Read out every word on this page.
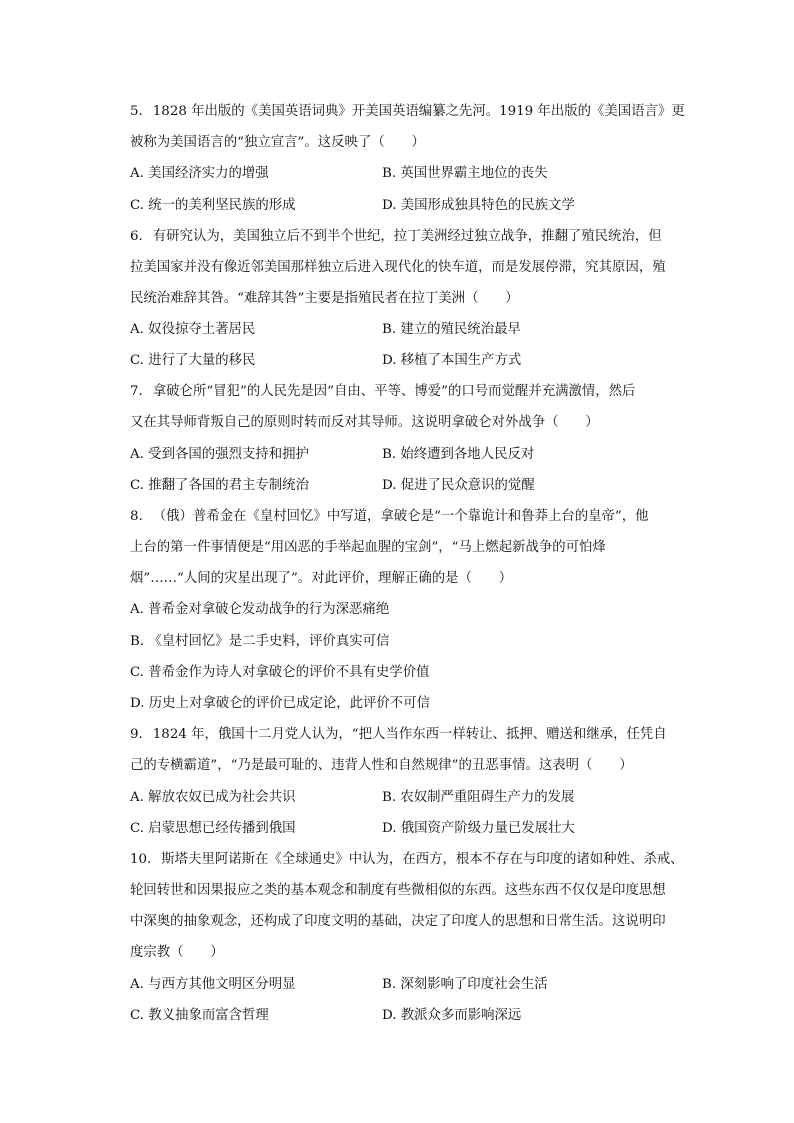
5. 1828 年出版的《美国英语词典》开美国英语编纂之先河。1919 年出版的《美国语言》更
被称为美国语言的“独立宣言”。这反映了（　　）
A. 美国经济实力的增强	B. 英国世界霸主地位的丧失
C. 统一的美利坚民族的形成	D. 美国形成独具特色的民族文学
6. 有研究认为，美国独立后不到半个世纪，拉丁美洲经过独立战争，推翻了殖民统治，但
拉美国家并没有像近邻美国那样独立后进入现代化的快车道，而是发展停滞，究其原因，殖
民统治难辞其咎。“难辞其咎”主要是指殖民者在拉丁美洲（　　）
A. 奴役掠夺土著居民	B. 建立的殖民统治最早
C. 进行了大量的移民	D. 移植了本国生产方式
7. 拿破仑所“冒犯”的人民先是因“自由、平等、博爱”的口号而觉醒并充满激情，然后
又在其导师背叛自己的原则时转而反对其导师。这说明拿破仑对外战争（　　）
A. 受到各国的强烈支持和拥护	B. 始终遭到各地人民反对
C. 推翻了各国的君主专制统治	D. 促进了民众意识的觉醒
8. （俄）普希金在《皇村回忆》中写道，拿破仑是“一个靠诡计和鲁莽上台的皇帝”，他
上台的第一件事情便是“用凶恶的手举起血腥的宝剑”，“马上燃起新战争的可怕烽
烟”……“人间的灾星出现了”。对此评价，理解正确的是（　　）
A. 普希金对拿破仑发动战争的行为深恶痛绝
B. 《皇村回忆》是二手史料，评价真实可信
C. 普希金作为诗人对拿破仑的评价不具有史学价值
D. 历史上对拿破仑的评价已成定论，此评价不可信
9. 1824 年，俄国十二月党人认为，“把人当作东西一样转让、抵押、赠送和继承，任凭自
己的专横霸道”，“乃是最可耻的、违背人性和自然规律”的丑恶事情。这表明（　　）
A. 解放农奴已成为社会共识	B. 农奴制严重阻碍生产力的发展
C. 启蒙思想已经传播到俄国	D. 俄国资产阶级力量已发展壮大
10. 斯塔夫里阿诺斯在《全球通史》中认为，在西方，根本不存在与印度的诸如种姓、杀戒、
轮回转世和因果报应之类的基本观念和制度有些微相似的东西。这些东西不仅仅是印度思想
中深奥的抽象观念，还构成了印度文明的基础，决定了印度人的思想和日常生活。这说明印
度宗教（　　）
A. 与西方其他文明区分明显	B. 深刻影响了印度社会生活
C. 教义抽象而富含哲理	D. 教派众多而影响深远
